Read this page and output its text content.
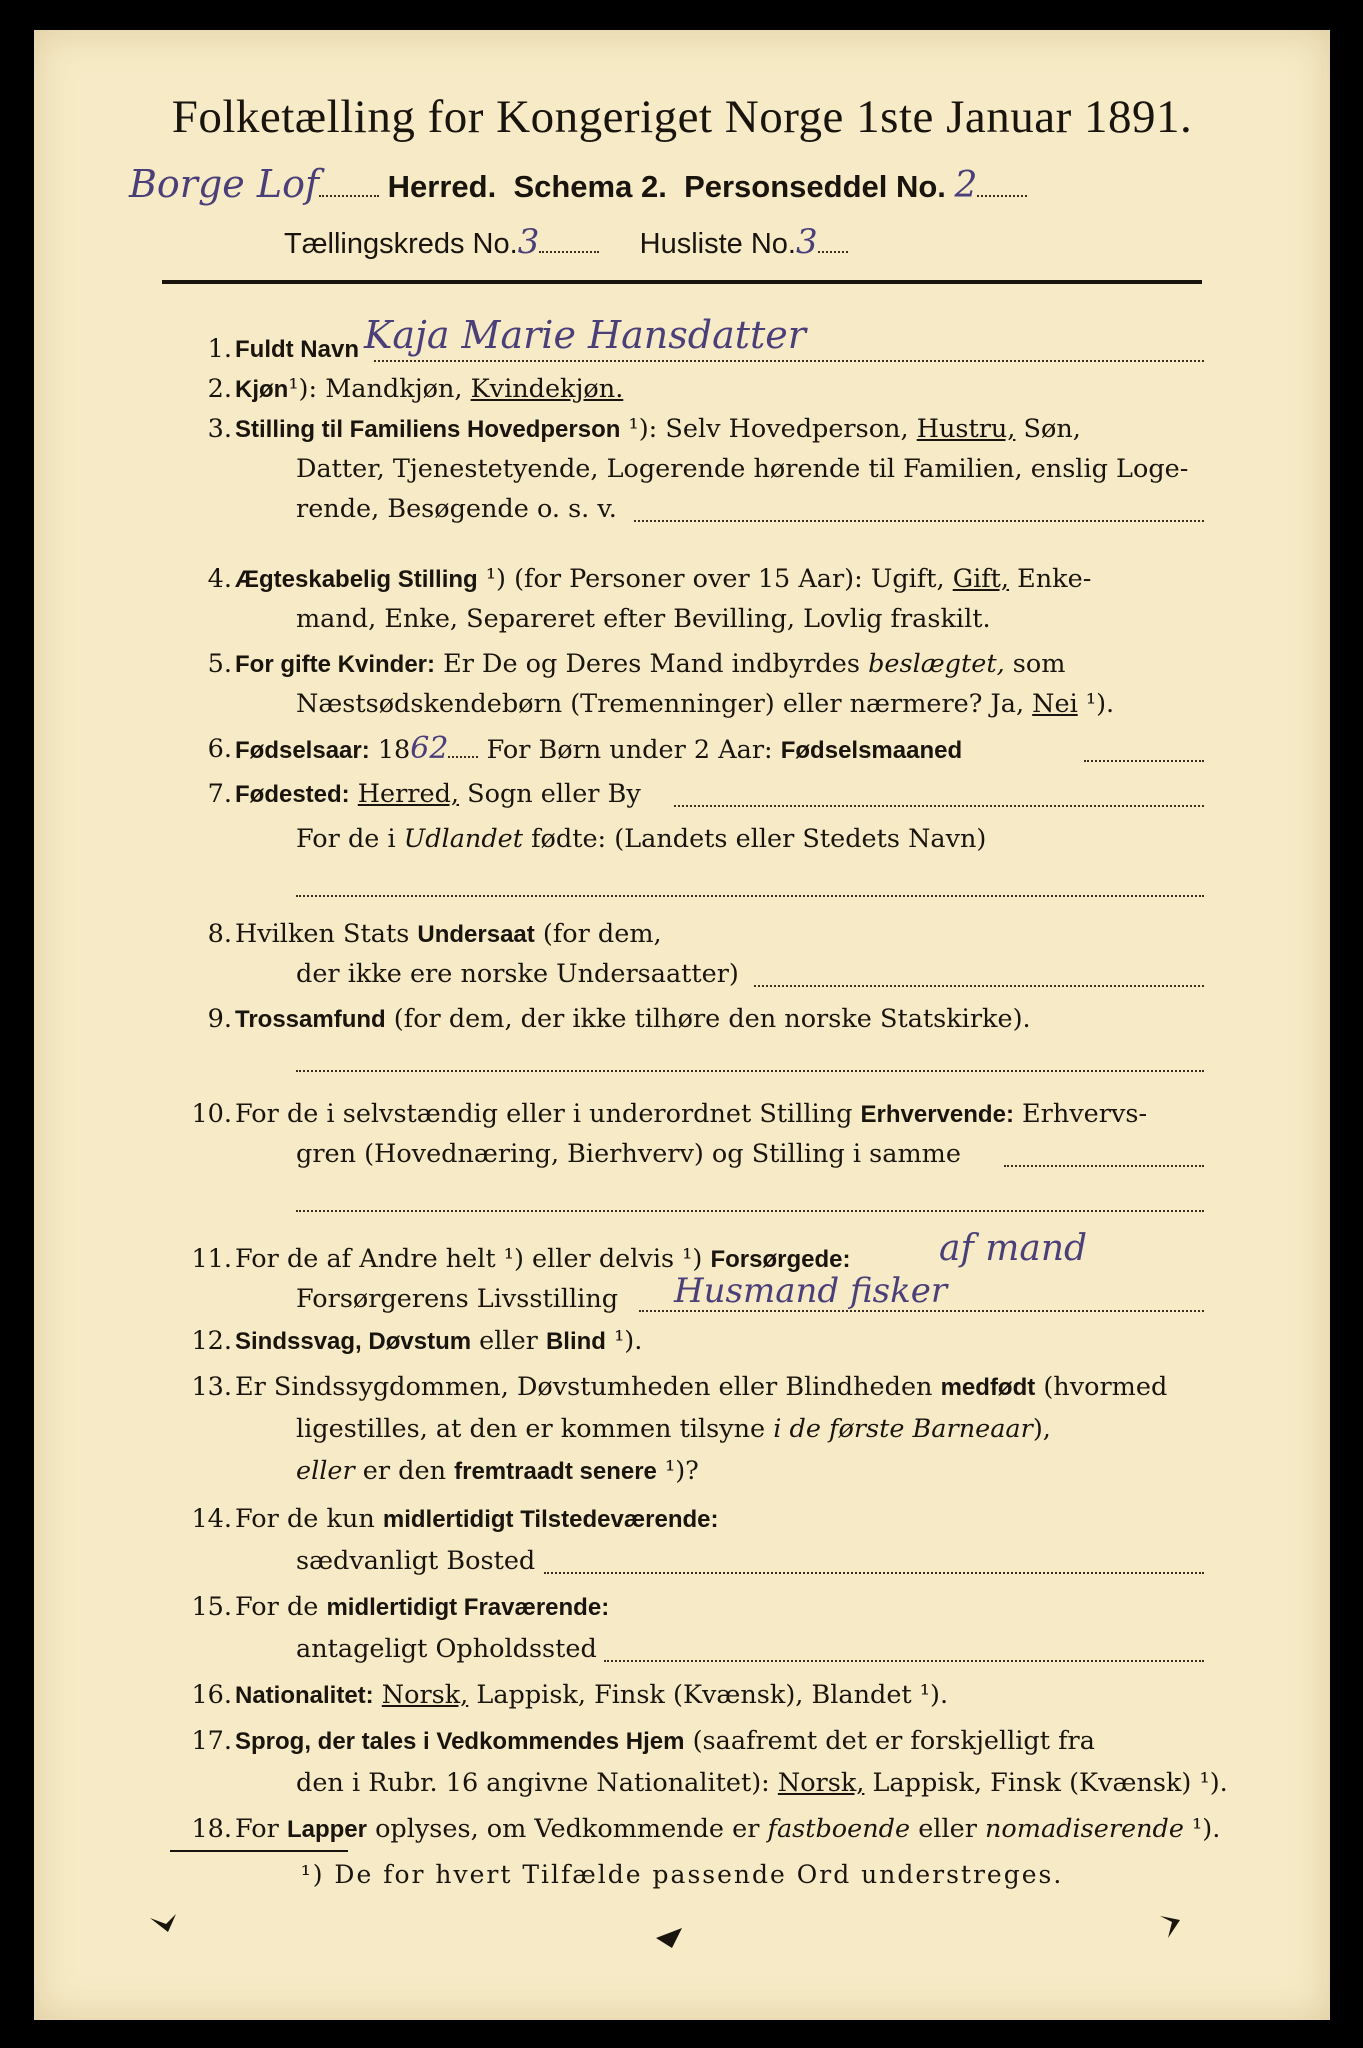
Folketælling for Kongeriget Norge 1ste Januar 1891.
Borge Lof Herred. Schema 2. Personseddel No. 2
Tællingskreds No.3	Husliste No.3
1. Fuldt Navn Kaja Marie Hansdatter
2. Kjøn¹): Mandkjøn, Kvindekjøn.
3. Stilling til Familiens Hovedperson ¹): Selv Hovedperson, Hustru, Søn,
Datter, Tjenestetyende, Logerende hørende til Familien, enslig Loge-
rende, Besøgende o. s. v.
4. Ægteskabelig Stilling ¹) (for Personer over 15 Aar): Ugift, Gift, Enke-
mand, Enke, Separeret efter Bevilling, Lovlig fraskilt.
5. For gifte Kvinder: Er De og Deres Mand indbyrdes beslægtet, som
Næstsødskendebørn (Tremenninger) eller nærmere? Ja, Nei ¹).
6. Fødselsaar: 1862 For Børn under 2 Aar: Fødselsmaaned
7. Fødested: Herred, Sogn eller By
For de i Udlandet fødte: (Landets eller Stedets Navn)
8. Hvilken Stats Undersaat (for dem,
der ikke ere norske Undersaatter)
9. Trossamfund (for dem, der ikke tilhøre den norske Statskirke).
10. For de i selvstændig eller i underordnet Stilling Erhvervende: Erhvervs-
gren (Hovednæring, Bierhverv) og Stilling i samme
11. For de af Andre helt ¹) eller delvis ¹) Forsørgede:	af mand
Forsørgerens Livsstilling	Husmand fisker
12. Sindssvag, Døvstum eller Blind ¹).
13. Er Sindssygdommen, Døvstumheden eller Blindheden medfødt (hvormed
ligestilles, at den er kommen tilsyne i de første Barneaar),
eller er den fremtraadt senere ¹)?
14. For de kun midlertidigt Tilstedeværende:
sædvanligt Bosted
15. For de midlertidigt Fraværende:
antageligt Opholdssted
16. Nationalitet: Norsk, Lappisk, Finsk (Kvænsk), Blandet ¹).
17. Sprog, der tales i Vedkommendes Hjem (saafremt det er forskjelligt fra
den i Rubr. 16 angivne Nationalitet): Norsk, Lappisk, Finsk (Kvænsk) ¹).
18. For Lapper oplyses, om Vedkommende er fastboende eller nomadiserende ¹).
¹) De for hvert Tilfælde passende Ord understreges.
